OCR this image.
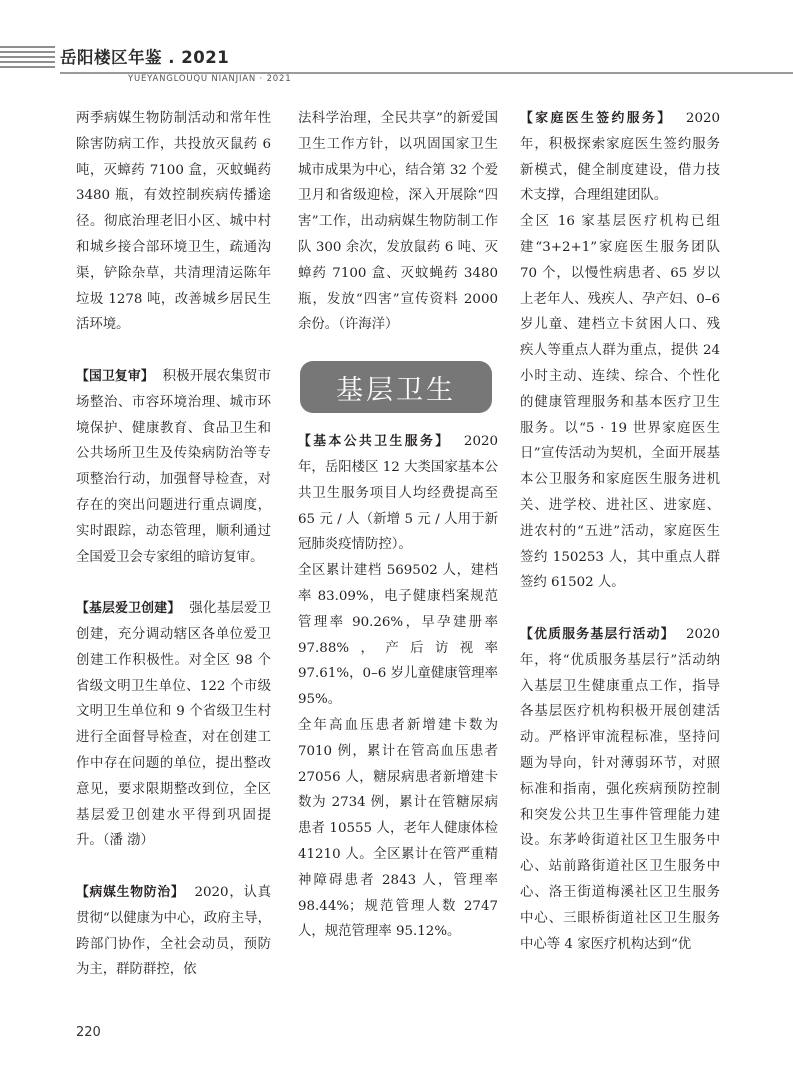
岳阳楼区年鉴 . 2021
YUEYANGLOUQU NIANJIAN · 2021

两季病媒生物防制活动和常年性除害防病工作，共投放灭鼠药 6 吨，灭蟑药 7100 盒，灭蚊蝇药 3480 瓶，有效控制疾病传播途径。彻底治理老旧小区、城中村和城乡接合部环境卫生，疏通沟渠，铲除杂草，共清理清运陈年垃圾 1278 吨，改善城乡居民生活环境。

【国卫复审】 积极开展农集贸市场整治、市容环境治理、城市环境保护、健康教育、食品卫生和公共场所卫生及传染病防治等专项整治行动，加强督导检查，对存在的突出问题进行重点调度，实时跟踪，动态管理，顺利通过全国爱卫会专家组的暗访复审。

【基层爱卫创建】 强化基层爱卫创建，充分调动辖区各单位爱卫创建工作积极性。对全区 98 个省级文明卫生单位、122 个市级文明卫生单位和 9 个省级卫生村进行全面督导检查，对在创建工作中存在问题的单位，提出整改意见，要求限期整改到位，全区基层爱卫创建水平得到巩固提升。（潘 渤）

【病媒生物防治】 2020，认真贯彻“以健康为中心，政府主导，跨部门协作，全社会动员，预防为主，群防群控，依

法科学治理，全民共享”的新爱国卫生工作方针，以巩固国家卫生城市成果为中心，结合第 32 个爱卫月和省级迎检，深入开展除“四害”工作，出动病媒生物防制工作队 300 余次，发放鼠药 6 吨、灭蟑药 7100 盒、灭蚊蝇药 3480 瓶，发放“四害”宣传资料 2000 余份。（许海洋）

基层卫生

【基本公共卫生服务】 2020 年，岳阳楼区 12 大类国家基本公共卫生服务项目人均经费提高至 65 元 / 人（新增 5 元 / 人用于新冠肺炎疫情防控）。

全区累计建档 569502 人，建档率 83.09%，电子健康档案规范管理率 90.26%，早孕建册率 97.88%，产后访视率 97.61%，0–6 岁儿童健康管理率 95%。

全年高血压患者新增建卡数为 7010 例，累计在管高血压患者 27056 人，糖尿病患者新增建卡数为 2734 例，累计在管糖尿病患者 10555 人，老年人健康体检 41210 人。全区累计在管严重精神障碍患者 2843 人，管理率 98.44%；规范管理人数 2747 人，规范管理率 95.12%。

【家庭医生签约服务】 2020 年，积极探索家庭医生签约服务新模式，健全制度建设，借力技术支撑，合理组建团队。

全区 16 家基层医疗机构已组建“3+2+1”家庭医生服务团队 70 个，以慢性病患者、65 岁以上老年人、残疾人、孕产妇、0–6 岁儿童、建档立卡贫困人口、残疾人等重点人群为重点，提供 24 小时主动、连续、综合、个性化的健康管理服务和基本医疗卫生服务。以“5 · 19 世界家庭医生日”宣传活动为契机，全面开展基本公卫服务和家庭医生服务进机关、进学校、进社区、进家庭、进农村的“五进”活动，家庭医生签约 150253 人，其中重点人群签约 61502 人。

【优质服务基层行活动】 2020 年，将“优质服务基层行”活动纳入基层卫生健康重点工作，指导各基层医疗机构积极开展创建活动。严格评审流程标准，坚持问题为导向，针对薄弱环节，对照标准和指南，强化疾病预防控制和突发公共卫生事件管理能力建设。东茅岭街道社区卫生服务中心、站前路街道社区卫生服务中心、洛王街道梅溪社区卫生服务中心、三眼桥街道社区卫生服务中心等 4 家医疗机构达到“优

220
